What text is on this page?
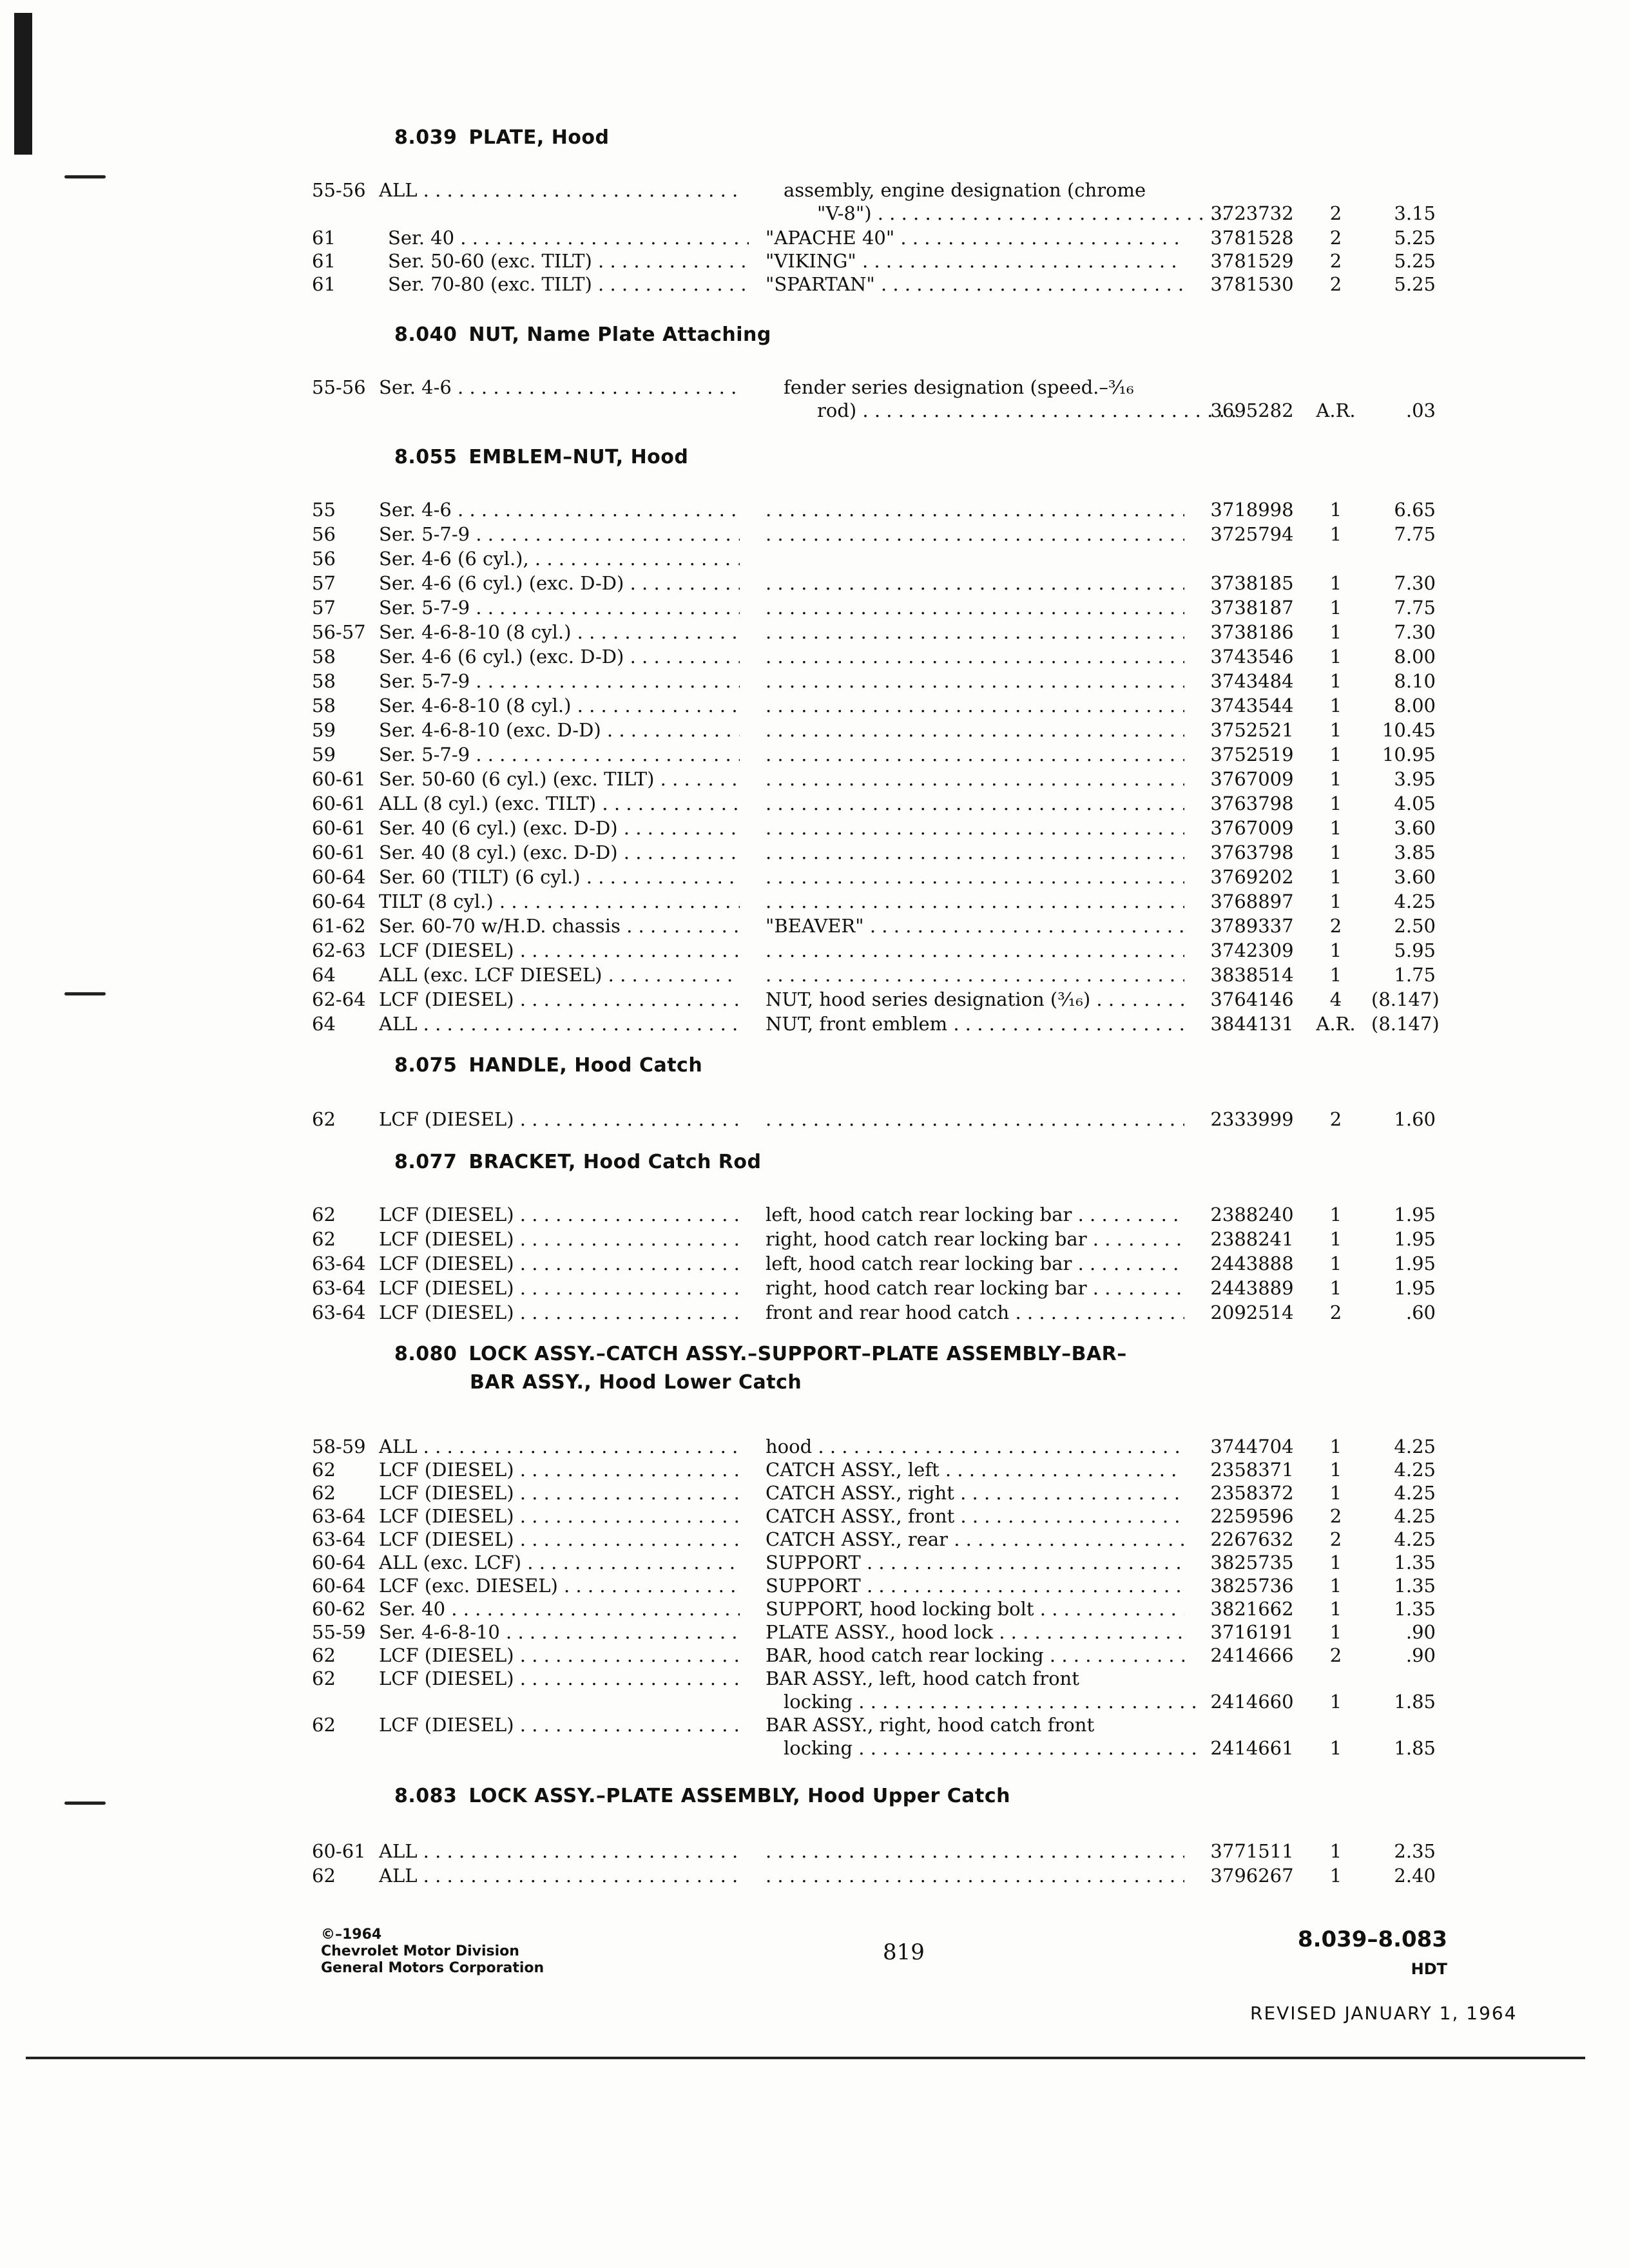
8.039 PLATE, Hood
55-56 ALL . . .	assembly, engine designation (chrome
"V-8") . . .	3723732	2	3.15
61	Ser. 40 . . .	"APACHE 40" . . .	3781528	2	5.25
61	Ser. 50-60 (exc. TILT) . . .	"VIKING" . . .	3781529	2	5.25
61	Ser. 70-80 (exc. TILT) . . .	"SPARTAN" . . .	3781530	2	5.25
8.040 NUT, Name Plate Attaching
55-56 Ser. 4-6 . . .	fender series designation (speed.–³⁄₁₆
rod) . . .	3695282	A.R.	.03
8.055 EMBLEM–NUT, Hood
55	Ser. 4-6 . . . . . .	3718998	1	6.65
56	Ser. 5-7-9 . . . . . .	3725794	1	7.75
56	Ser. 4-6 (6 cyl.), . . .
57	Ser. 4-6 (6 cyl.) (exc. D-D) . . . . . .	3738185	1	7.30
57	Ser. 5-7-9 . . . . . .	3738187	1	7.75
56-57 Ser. 4-6-8-10 (8 cyl.) . . . . . .	3738186	1	7.30
58	Ser. 4-6 (6 cyl.) (exc. D-D) . . . . . .	3743546	1	8.00
58	Ser. 5-7-9 . . . . . .	3743484	1	8.10
58	Ser. 4-6-8-10 (8 cyl.) . . . . . .	3743544	1	8.00
59	Ser. 4-6-8-10 (exc. D-D) . . . . . .	3752521	1	10.45
59	Ser. 5-7-9 . . . . . .	3752519	1	10.95
60-61 Ser. 50-60 (6 cyl.) (exc. TILT) . . . . . .	3767009	1	3.95
60-61 ALL (8 cyl.) (exc. TILT) . . . . . .	3763798	1	4.05
60-61 Ser. 40 (6 cyl.) (exc. D-D) . . . . . .	3767009	1	3.60
60-61 Ser. 40 (8 cyl.) (exc. D-D) . . . . . .	3763798	1	3.85
60-64 Ser. 60 (TILT) (6 cyl.) . . . . . .	3769202	1	3.60
60-64 TILT (8 cyl.) . . . . . .	3768897	1	4.25
61-62 Ser. 60-70 w/H.D. chassis . . .	"BEAVER" . . .	3789337	2	2.50
62-63 LCF (DIESEL) . . . . . .	3742309	1	5.95
64	ALL (exc. LCF DIESEL) . . . . . .	3838514	1	1.75
62-64 LCF (DIESEL) . . .	NUT, hood series designation (³⁄₁₆) . . .	3764146	4	(8.147)
64	ALL . . .	NUT, front emblem . . .	3844131	A.R. (8.147)
8.075 HANDLE, Hood Catch
62	LCF (DIESEL) . . . . . .	2333999	2	1.60
8.077 BRACKET, Hood Catch Rod
62	LCF (DIESEL) . . .	left, hood catch rear locking bar . . .	2388240	1	1.95
62	LCF (DIESEL) . . .	right, hood catch rear locking bar . . .	2388241	1	1.95
63-64 LCF (DIESEL) . . .	left, hood catch rear locking bar . . .	2443888	1	1.95
63-64 LCF (DIESEL) . . .	right, hood catch rear locking bar . . .	2443889	1	1.95
63-64 LCF (DIESEL) . . .	front and rear hood catch . . .	2092514	2	.60
8.080 LOCK ASSY.–CATCH ASSY.–SUPPORT–PLATE ASSEMBLY–BAR–
BAR ASSY., Hood Lower Catch
58-59 ALL . . .	hood . . .	3744704	1	4.25
62	LCF (DIESEL) . . .	CATCH ASSY., left . . .	2358371	1	4.25
62	LCF (DIESEL) . . .	CATCH ASSY., right . . .	2358372	1	4.25
63-64 LCF (DIESEL) . . .	CATCH ASSY., front . . .	2259596	2	4.25
63-64 LCF (DIESEL) . . .	CATCH ASSY., rear . . .	2267632	2	4.25
60-64 ALL (exc. LCF) . . .	SUPPORT . . .	3825735	1	1.35
60-64 LCF (exc. DIESEL) . . .	SUPPORT . . .	3825736	1	1.35
60-62 Ser. 40 . . .	SUPPORT, hood locking bolt . . .	3821662	1	1.35
55-59 Ser. 4-6-8-10 . . .	PLATE ASSY., hood lock . . .	3716191	1	.90
62	LCF (DIESEL) . . .	BAR, hood catch rear locking . . .	2414666	2	.90
62	LCF (DIESEL) . . .	BAR ASSY., left, hood catch front
locking . . .	2414660	1	1.85
62	LCF (DIESEL) . . .	BAR ASSY., right, hood catch front
locking . . .	2414661	1	1.85
8.083 LOCK ASSY.–PLATE ASSEMBLY, Hood Upper Catch
60-61 ALL . . . . . .	3771511	1	2.35
62	ALL . . . . . .	3796267	1	2.40
©–1964
Chevrolet Motor Division
General Motors Corporation
819	8.039–8.083
HDT
REVISED JANUARY 1, 1964
